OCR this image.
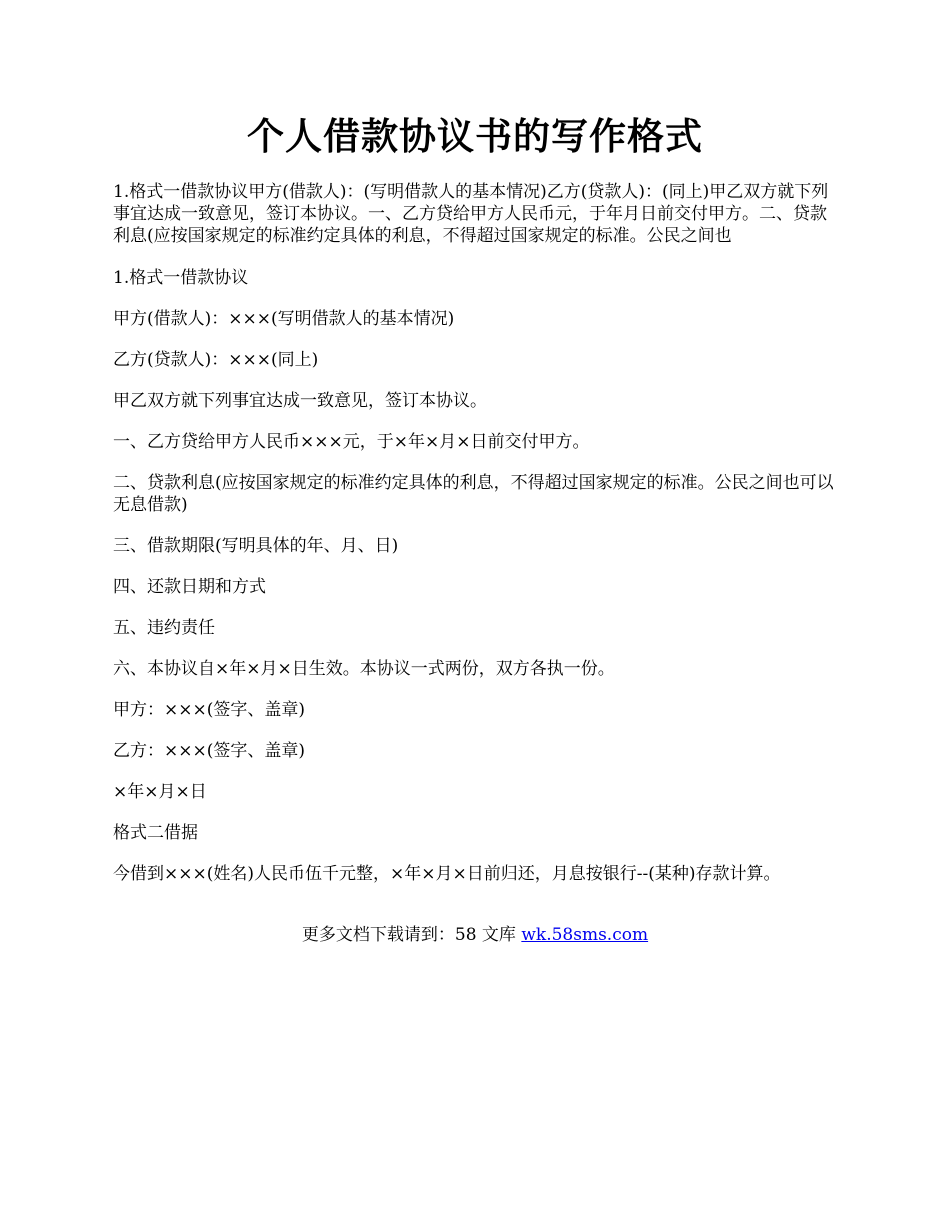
个人借款协议书的写作格式

1.格式一借款协议甲方(借款人)：(写明借款人的基本情况)乙方(贷款人)：(同上)甲乙双方就下列事宜达成一致意见，签订本协议。一、乙方贷给甲方人民币元，于年月日前交付甲方。二、贷款利息(应按国家规定的标准约定具体的利息，不得超过国家规定的标准。公民之间也

1.格式一借款协议

甲方(借款人)：×××(写明借款人的基本情况)

乙方(贷款人)：×××(同上)

甲乙双方就下列事宜达成一致意见，签订本协议。

一、乙方贷给甲方人民币×××元，于×年×月×日前交付甲方。

二、贷款利息(应按国家规定的标准约定具体的利息，不得超过国家规定的标准。公民之间也可以无息借款)

三、借款期限(写明具体的年、月、日)

四、还款日期和方式

五、违约责任

六、本协议自×年×月×日生效。本协议一式两份，双方各执一份。

甲方：×××(签字、盖章)

乙方：×××(签字、盖章)

×年×月×日

格式二借据

今借到×××(姓名)人民币伍千元整，×年×月×日前归还，月息按银行--(某种)存款计算。

更多文档下载请到：58 文库 wk.58sms.com
